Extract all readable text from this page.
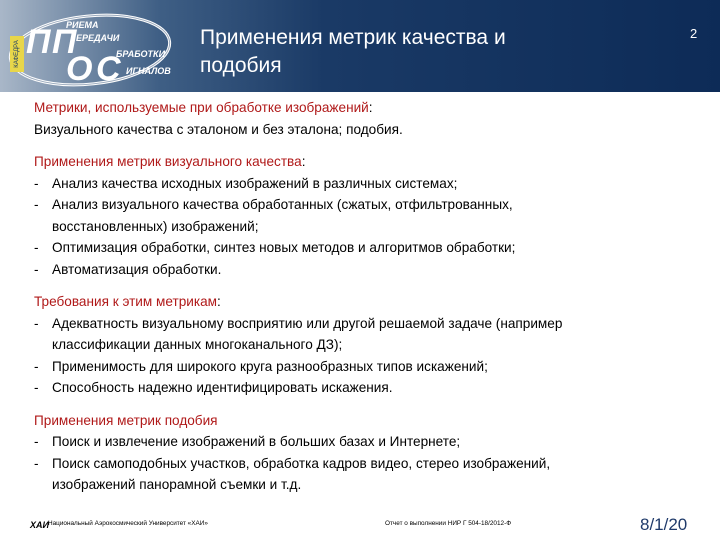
КАФЕДРА П П
О С
РИЕМА
ЕРЕДАЧИ
БРАБОТКИ
ИГНАЛОВ
Применения метрик качества и
подобия
2
Метрики, используемые при обработке изображений:
Визуального качества с эталоном и без эталона; подобия.
Применения метрик визуального качества:
- Анализ качества исходных изображений в различных системах;
- Анализ визуального качества обработанных (сжатых, отфильтрованных,
восстановленных) изображений;
- Оптимизация обработки, синтез новых методов и алгоритмов обработки;
- Автоматизация обработки.
Требования к этим метрикам:
- Адекватность визуальному восприятию или другой решаемой задаче (например
классификации данных многоканального ДЗ);
- Применимость для широкого круга разнообразных типов искажений;
- Способность надежно идентифицировать искажения.
Применения метрик подобия
- Поиск и извлечение изображений в больших базах и Интернете;
- Поиск самоподобных участков, обработка кадров видео, стерео изображений,
изображений панорамной съемки и т.д.
ХАИ Национальный Аэрокосмический Университет «ХАИ»	Отчет о выполнении НИР Г 504-18/2012-Ф	8/1/20
